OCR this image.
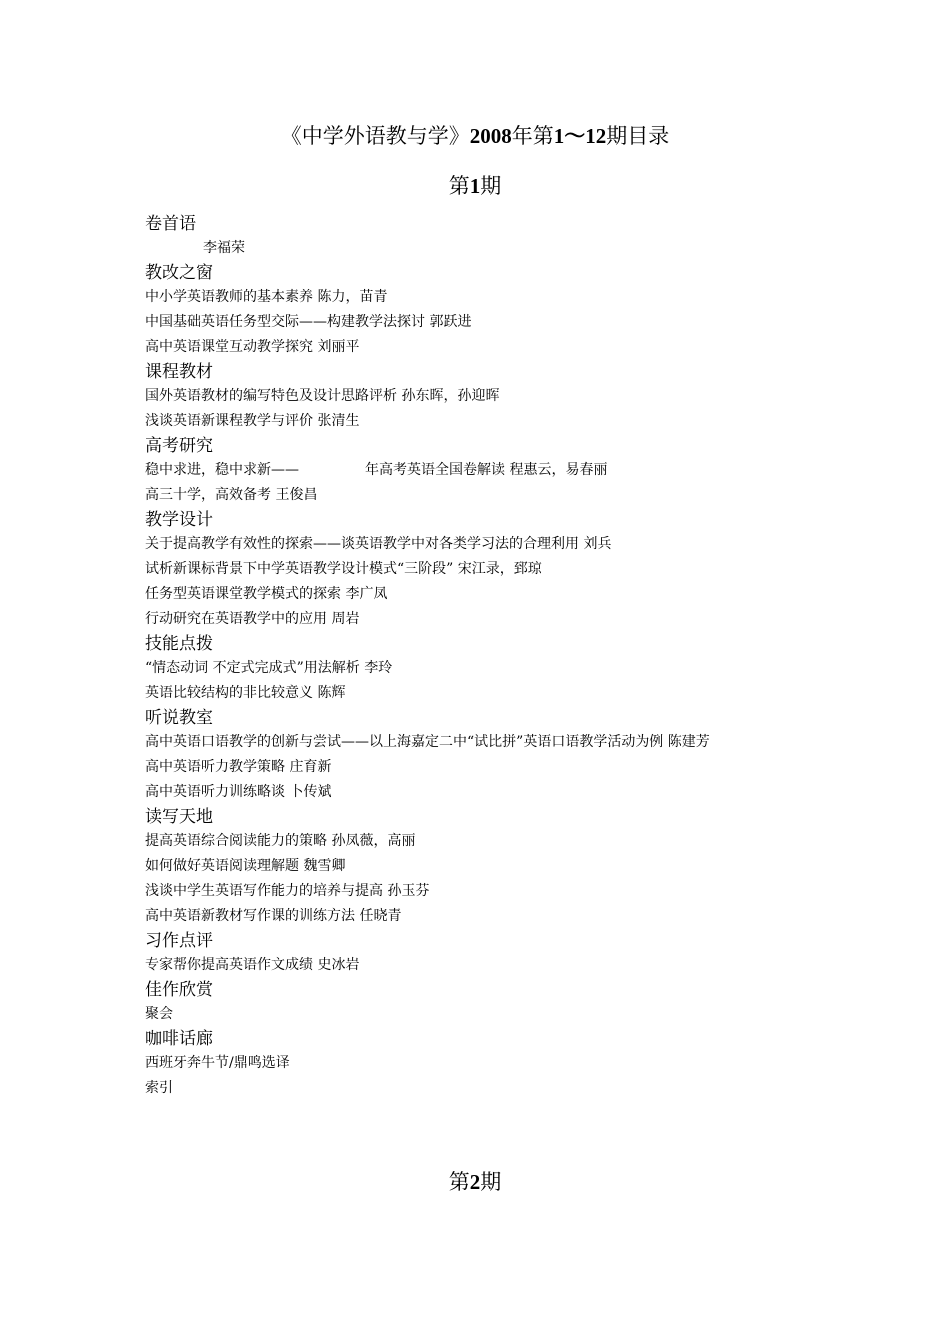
《中学外语教与学》2008年第1～12期目录
第1期

卷首语

李福荣

教改之窗

中小学英语教师的基本素养 陈力，苗青

中国基础英语任务型交际——构建教学法探讨 郭跃进

高中英语课堂互动教学探究 刘丽平

课程教材

国外英语教材的编写特色及设计思路评析 孙东晖，孙迎晖

浅谈英语新课程教学与评价 张清生

高考研究

稳中求进，稳中求新——	年高考英语全国卷解读 程惠云，易春丽

高三十学，高效备考 王俊昌

教学设计

关于提高教学有效性的探索——谈英语教学中对各类学习法的合理利用 刘兵

试析新课标背景下中学英语教学设计模式“三阶段” 宋江录，郅琼

任务型英语课堂教学模式的探索 李广凤

行动研究在英语教学中的应用 周岩

技能点拨

“情态动词 不定式完成式”用法解析 李玲

英语比较结构的非比较意义 陈辉

听说教室

高中英语口语教学的创新与尝试——以上海嘉定二中“试比拼”英语口语教学活动为例 陈建芳

高中英语听力教学策略 庄育新

高中英语听力训练略谈 卜传斌

读写天地

提高英语综合阅读能力的策略 孙凤薇，高丽

如何做好英语阅读理解题 魏雪卿

浅谈中学生英语写作能力的培养与提高 孙玉芬

高中英语新教材写作课的训练方法 任晓青

习作点评

专家帮你提高英语作文成绩 史冰岩

佳作欣赏

聚会

咖啡话廊

西班牙奔牛节/鼎鸣选译

索引

第2期
